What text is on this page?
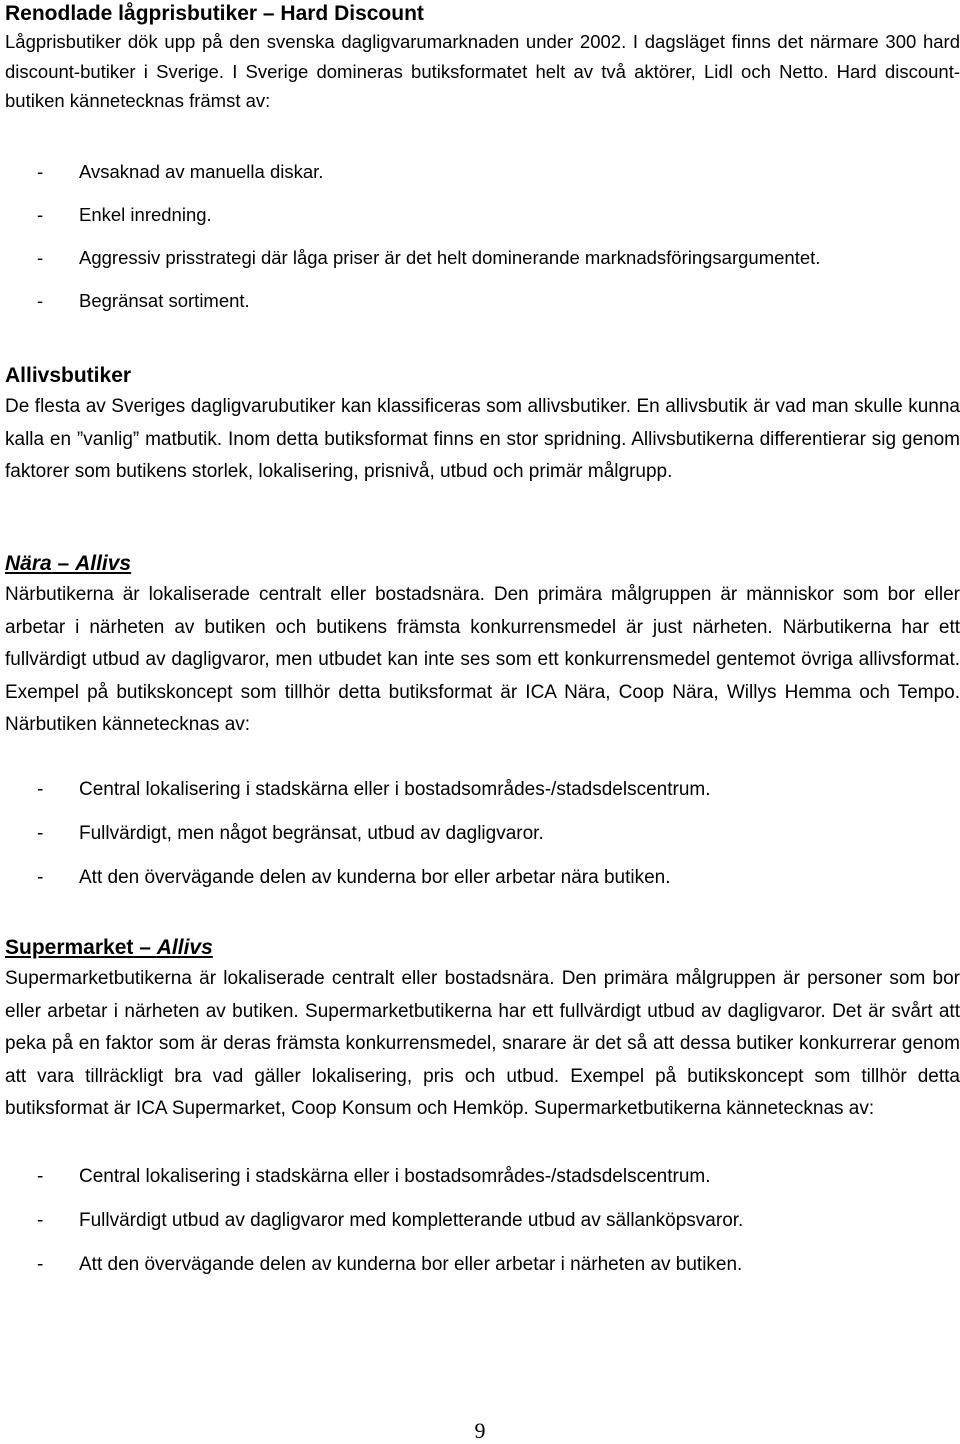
Renodlade lågprisbutiker – Hard Discount

Lågprisbutiker dök upp på den svenska dagligvarumarknaden under 2002. I dagsläget finns det närmare 300 hard discount-butiker i Sverige. I Sverige domineras butiksformatet helt av två aktörer, Lidl och Netto. Hard discount-butiken kännetecknas främst av:

- Avsaknad av manuella diskar.
- Enkel inredning.
- Aggressiv prisstrategi där låga priser är det helt dominerande marknadsföringsargumentet.
- Begränsat sortiment.

Allivsbutiker

De flesta av Sveriges dagligvarubutiker kan klassificeras som allivsbutiker. En allivsbutik är vad man skulle kunna kalla en ”vanlig” matbutik. Inom detta butiksformat finns en stor spridning. Allivsbutikerna differentierar sig genom faktorer som butikens storlek, lokalisering, prisnivå, utbud och primär målgrupp.

Nära – Allivs

Närbutikerna är lokaliserade centralt eller bostadsnära. Den primära målgruppen är människor som bor eller arbetar i närheten av butiken och butikens främsta konkurrensmedel är just närheten. Närbutikerna har ett fullvärdigt utbud av dagligvaror, men utbudet kan inte ses som ett konkurrensmedel gentemot övriga allivsformat. Exempel på butikskoncept som tillhör detta butiksformat är ICA Nära, Coop Nära, Willys Hemma och Tempo. Närbutiken kännetecknas av:

- Central lokalisering i stadskärna eller i bostadsområdes-/stadsdelscentrum.
- Fullvärdigt, men något begränsat, utbud av dagligvaror.
- Att den övervägande delen av kunderna bor eller arbetar nära butiken.

Supermarket – Allivs

Supermarketbutikerna är lokaliserade centralt eller bostadsnära. Den primära målgruppen är personer som bor eller arbetar i närheten av butiken. Supermarketbutikerna har ett fullvärdigt utbud av dagligvaror. Det är svårt att peka på en faktor som är deras främsta konkurrensmedel, snarare är det så att dessa butiker konkurrerar genom att vara tillräckligt bra vad gäller lokalisering, pris och utbud. Exempel på butikskoncept som tillhör detta butiksformat är ICA Supermarket, Coop Konsum och Hemköp. Supermarketbutikerna kännetecknas av:

- Central lokalisering i stadskärna eller i bostadsområdes-/stadsdelscentrum.
- Fullvärdigt utbud av dagligvaror med kompletterande utbud av sällanköpsvaror.
- Att den övervägande delen av kunderna bor eller arbetar i närheten av butiken.
9
